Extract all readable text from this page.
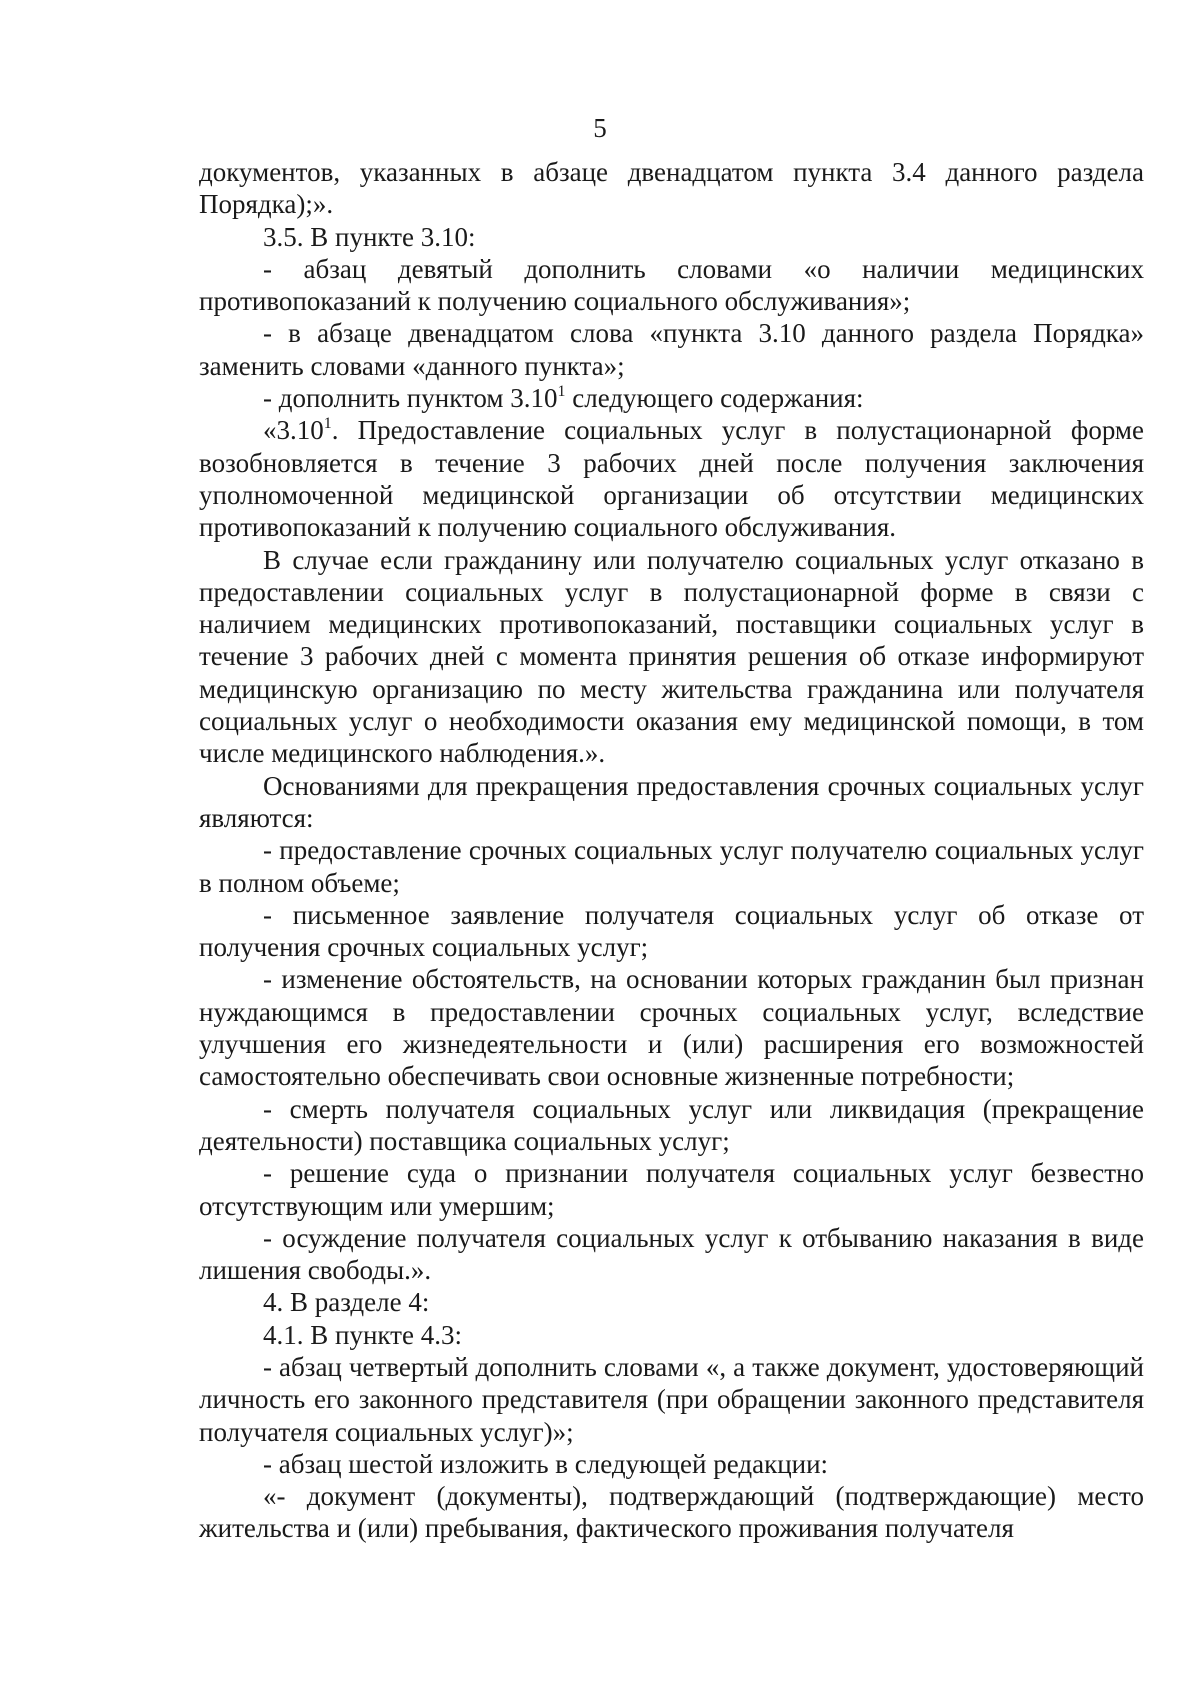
5

документов, указанных в абзаце двенадцатом пункта 3.4 данного раздела Порядка);».

3.5. В пункте 3.10:

- абзац девятый дополнить словами «о наличии медицинских противопоказаний к получению социального обслуживания»;

- в абзаце двенадцатом слова «пункта 3.10 данного раздела Порядка» заменить словами «данного пункта»;

- дополнить пунктом 3.10$^1$ следующего содержания:

«3.10$^1$. Предоставление социальных услуг в полустационарной форме возобновляется в течение 3 рабочих дней после получения заключения уполномоченной медицинской организации об отсутствии медицинских противопоказаний к получению социального обслуживания.

В случае если гражданину или получателю социальных услуг отказано в предоставлении социальных услуг в полустационарной форме в связи с наличием медицинских противопоказаний, поставщики социальных услуг в течение 3 рабочих дней с момента принятия решения об отказе информируют медицинскую организацию по месту жительства гражданина или получателя социальных услуг о необходимости оказания ему медицинской помощи, в том числе медицинского наблюдения.».

Основаниями для прекращения предоставления срочных социальных услуг являются:

- предоставление срочных социальных услуг получателю социальных услуг в полном объеме;

- письменное заявление получателя социальных услуг об отказе от получения срочных социальных услуг;

- изменение обстоятельств, на основании которых гражданин был признан нуждающимся в предоставлении срочных социальных услуг, вследствие улучшения его жизнедеятельности и (или) расширения его возможностей самостоятельно обеспечивать свои основные жизненные потребности;

- смерть получателя социальных услуг или ликвидация (прекращение деятельности) поставщика социальных услуг;

- решение суда о признании получателя социальных услуг безвестно отсутствующим или умершим;

- осуждение получателя социальных услуг к отбыванию наказания в виде лишения свободы.».

4. В разделе 4:

4.1. В пункте 4.3:

- абзац четвертый дополнить словами «, а также документ, удостоверяющий личность его законного представителя (при обращении законного представителя получателя социальных услуг)»;

- абзац шестой изложить в следующей редакции:

«- документ (документы), подтверждающий (подтверждающие) место жительства и (или) пребывания, фактического проживания получателя
